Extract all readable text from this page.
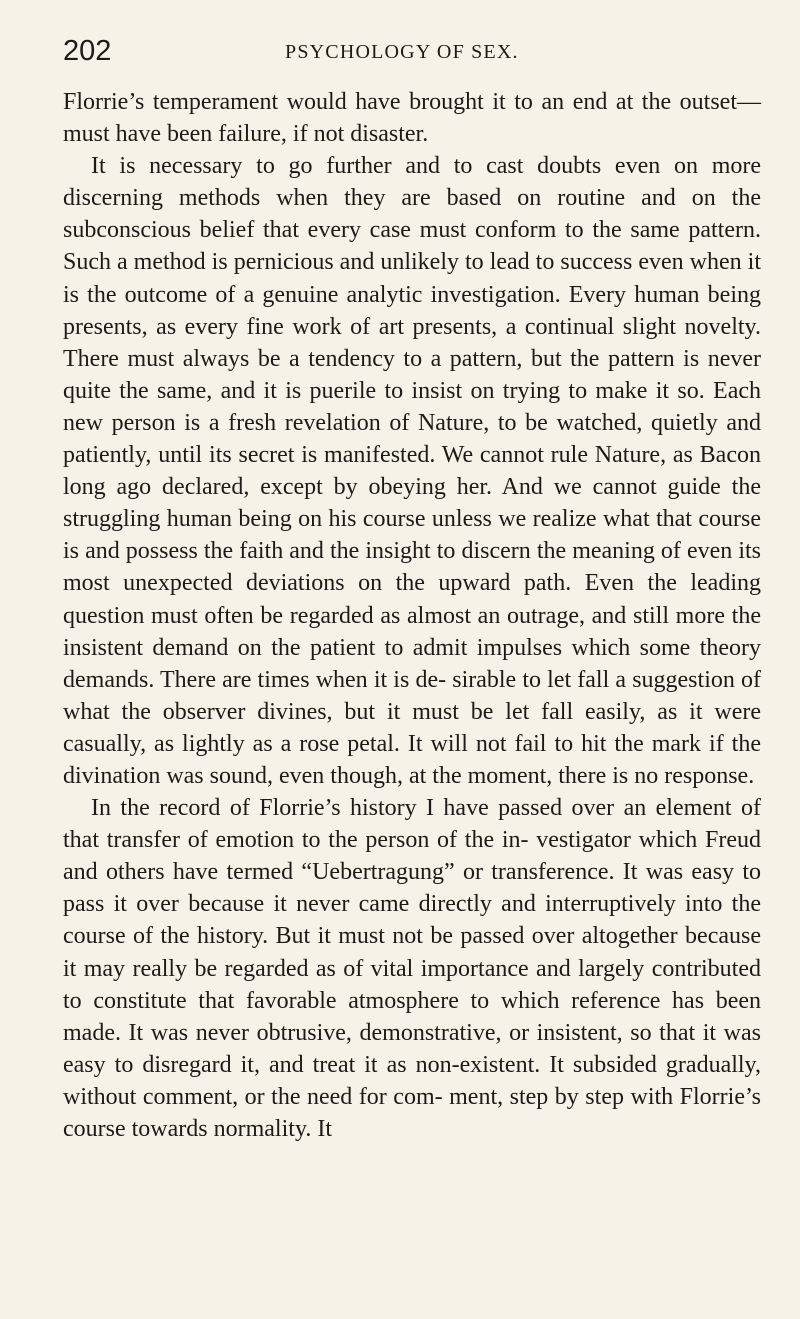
202	PSYCHOLOGY OF SEX.

Florrie’s temperament would have brought it to an end at the outset—must have been failure, if not disaster.

It is necessary to go further and to cast doubts even on more discerning methods when they are based on routine and on the subconscious belief that every case must conform to the same pattern. Such a method is pernicious and unlikely to lead to success even when it is the outcome of a genuine analytic investigation. Every human being presents, as every fine work of art presents, a continual slight novelty. There must always be a tendency to a pattern, but the pattern is never quite the same, and it is puerile to insist on trying to make it so. Each new person is a fresh revelation of Nature, to be watched, quietly and patiently, until its secret is manifested. We cannot rule Nature, as Bacon long ago declared, except by obeying her. And we cannot guide the struggling human being on his course unless we realize what that course is and possess the faith and the insight to discern the meaning of even its most unexpected deviations on the upward path. Even the leading question must often be regarded as almost an outrage, and still more the insistent demand on the patient to admit impulses which some theory demands. There are times when it is de- sirable to let fall a suggestion of what the observer divines, but it must be let fall easily, as it were casually, as lightly as a rose petal. It will not fail to hit the mark if the divination was sound, even though, at the moment, there is no response.

In the record of Florrie’s history I have passed over an element of that transfer of emotion to the person of the in- vestigator which Freud and others have termed “Uebertragung” or transference. It was easy to pass it over because it never came directly and interruptively into the course of the history. But it must not be passed over altogether because it may really be regarded as of vital importance and largely contributed to constitute that favorable atmosphere to which reference has been made. It was never obtrusive, demonstrative, or insistent, so that it was easy to disregard it, and treat it as non-existent. It subsided gradually, without comment, or the need for com- ment, step by step with Florrie’s course towards normality. It
